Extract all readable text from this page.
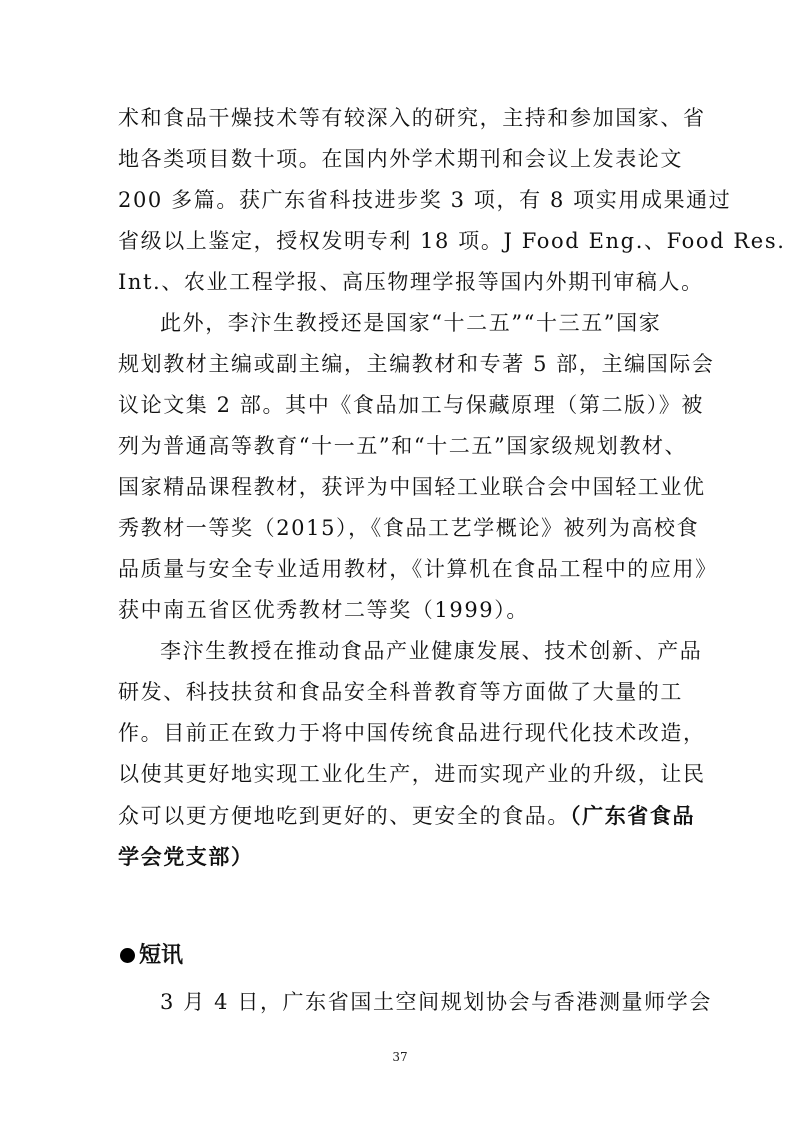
术和食品干燥技术等有较深入的研究，主持和参加国家、省
地各类项目数十项。在国内外学术期刊和会议上发表论文
200 多篇。获广东省科技进步奖 3 项，有 8 项实用成果通过
省级以上鉴定，授权发明专利 18 项。J Food Eng.、Food Res.
Int.、农业工程学报、高压物理学报等国内外期刊审稿人。
此外，李汴生教授还是国家“十二五”“十三五”国家
规划教材主编或副主编，主编教材和专著 5 部，主编国际会
议论文集 2 部。其中《食品加工与保藏原理（第二版）》被
列为普通高等教育“十一五”和“十二五”国家级规划教材、
国家精品课程教材，获评为中国轻工业联合会中国轻工业优
秀教材一等奖（2015），《食品工艺学概论》被列为高校食
品质量与安全专业适用教材，《计算机在食品工程中的应用》
获中南五省区优秀教材二等奖（1999）。
李汴生教授在推动食品产业健康发展、技术创新、产品
研发、科技扶贫和食品安全科普教育等方面做了大量的工
作。目前正在致力于将中国传统食品进行现代化技术改造，
以使其更好地实现工业化生产，进而实现产业的升级，让民
众可以更方便地吃到更好的、更安全的食品。（广东省食品
学会党支部）
短讯
3 月 4 日，广东省国土空间规划协会与香港测量师学会
37
